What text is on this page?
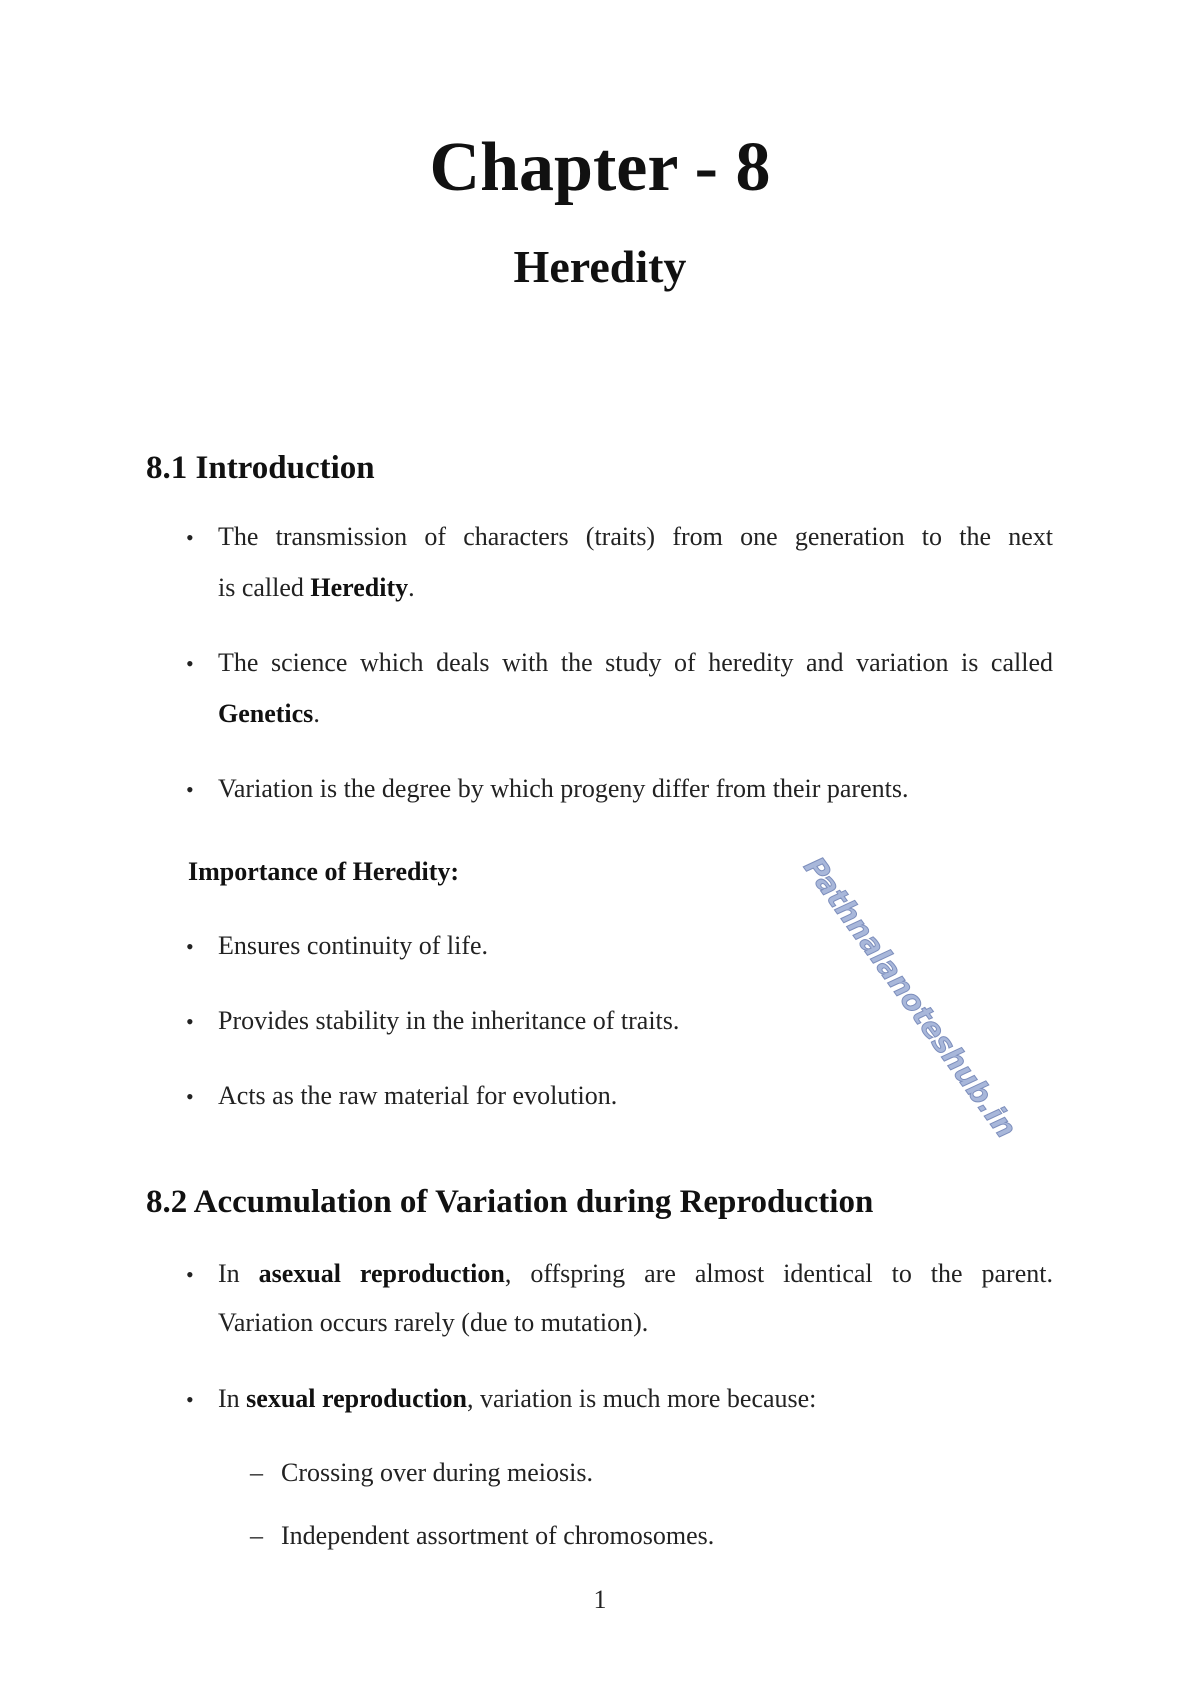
Chapter - 8
Heredity
8.1 Introduction
• The transmission of characters (traits) from one generation to the next
is called Heredity.
• The science which deals with the study of heredity and variation is called
Genetics.
• Variation is the degree by which progeny differ from their parents.
Importance of Heredity:
• Ensures continuity of life.
• Provides stability in the inheritance of traits.
• Acts as the raw material for evolution.
8.2 Accumulation of Variation during Reproduction
• In asexual reproduction, offspring are almost identical to the parent.
Variation occurs rarely (due to mutation).
• In sexual reproduction, variation is much more because:
– Crossing over during meiosis.
– Independent assortment of chromosomes.
1
Pathnalanoteshub.in
